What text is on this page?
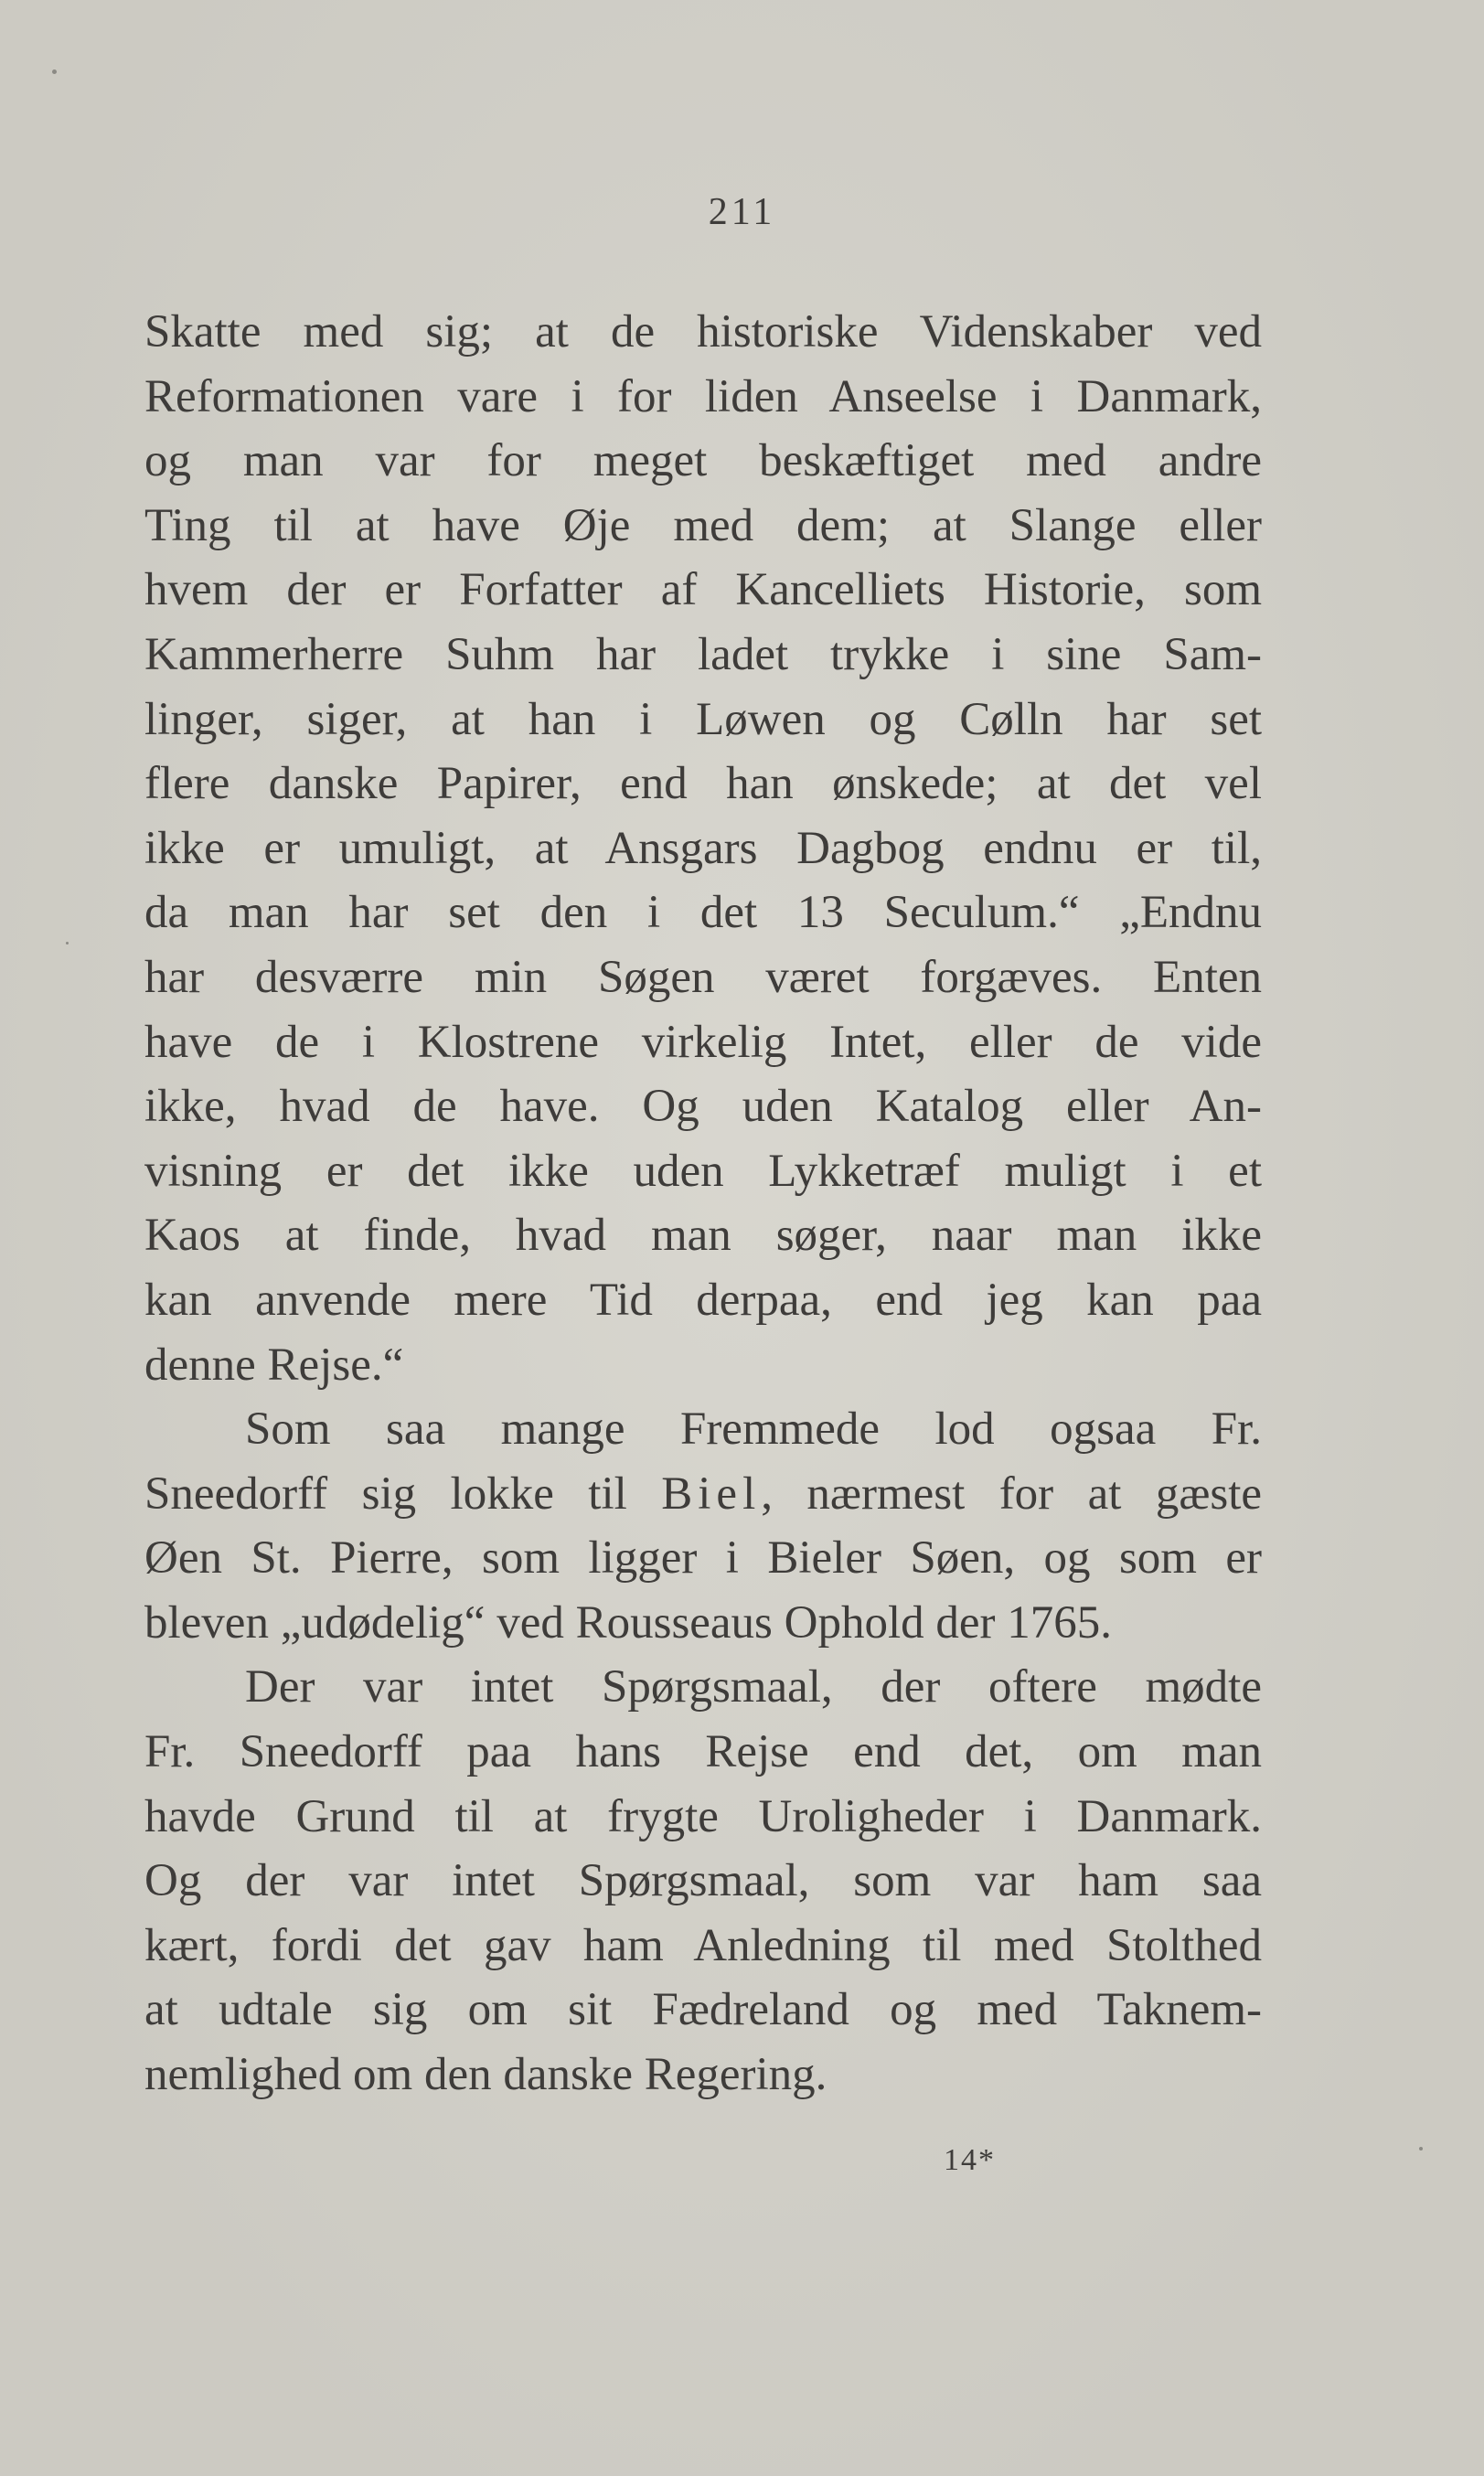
211
Skatte med sig; at de historiske Videnskaber ved
Reformationen vare i for liden Anseelse i Danmark,
og man var for meget beskæftiget med andre
Ting til at have Øje med dem; at Slange eller
hvem der er Forfatter af Kancelliets Historie, som
Kammerherre Suhm har ladet trykke i sine Sam-
linger, siger, at han i Løwen og Cølln har set
flere danske Papirer, end han ønskede; at det vel
ikke er umuligt, at Ansgars Dagbog endnu er til,
da man har set den i det 13 Seculum.“ „Endnu
har desværre min Søgen været forgæves. Enten
have de i Klostrene virkelig Intet, eller de vide
ikke, hvad de have. Og uden Katalog eller An-
visning er det ikke uden Lykketræf muligt i et
Kaos at finde, hvad man søger, naar man ikke
kan anvende mere Tid derpaa, end jeg kan paa
denne Rejse.“
Som saa mange Fremmede lod ogsaa Fr.
Sneedorff sig lokke til Biel, nærmest for at gæste
Øen St. Pierre, som ligger i Bieler Søen, og som er
bleven „udødelig“ ved Rousseaus Ophold der 1765.
Der var intet Spørgsmaal, der oftere mødte
Fr. Sneedorff paa hans Rejse end det, om man
havde Grund til at frygte Uroligheder i Danmark.
Og der var intet Spørgsmaal, som var ham saa
kært, fordi det gav ham Anledning til med Stolthed
at udtale sig om sit Fædreland og med Taknem-
nemlighed om den danske Regering.
14*
